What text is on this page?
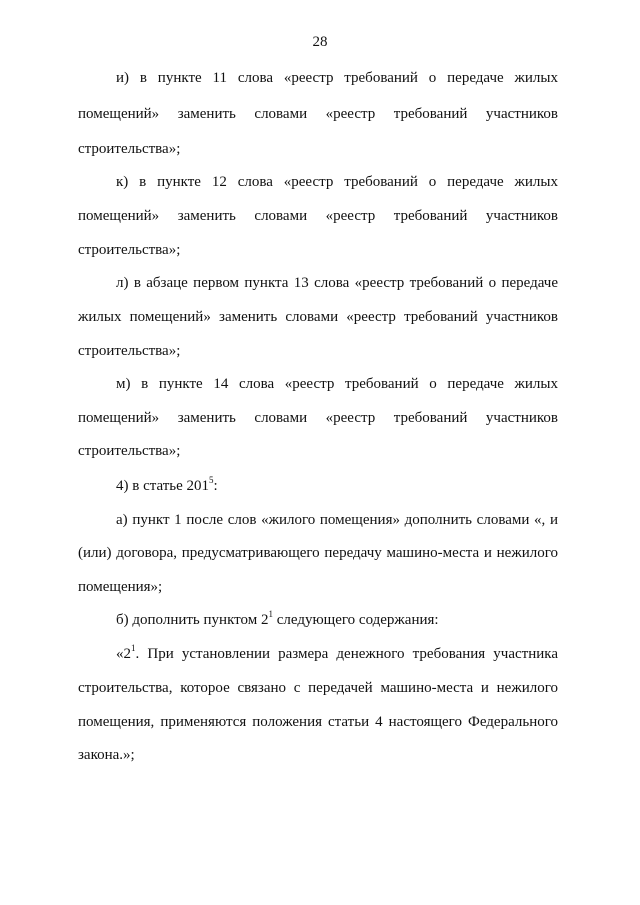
28
и) в пункте 11 слова «реестр требований о передаче жилых
помещений» заменить словами «реестр требований участников
строительства»;
к) в пункте 12 слова «реестр требований о передаче жилых
помещений» заменить словами «реестр требований участников
строительства»;
л) в абзаце первом пункта 13 слова «реестр требований о передаче
жилых помещений» заменить словами «реестр требований участников
строительства»;
м) в пункте 14 слова «реестр требований о передаче жилых
помещений» заменить словами «реестр требований участников
строительства»;
4) в статье $201^5$:
а) пункт 1 после слов «жилого помещения» дополнить словами «, и
(или) договора, предусматривающего передачу машино-места и нежилого
помещения»;
б) дополнить пунктом $2^1$ следующего содержания:
«$2^1$. При установлении размера денежного требования участника
строительства, которое связано с передачей машино-места и нежилого
помещения, применяются положения статьи 4 настоящего Федерального
закона.»;
